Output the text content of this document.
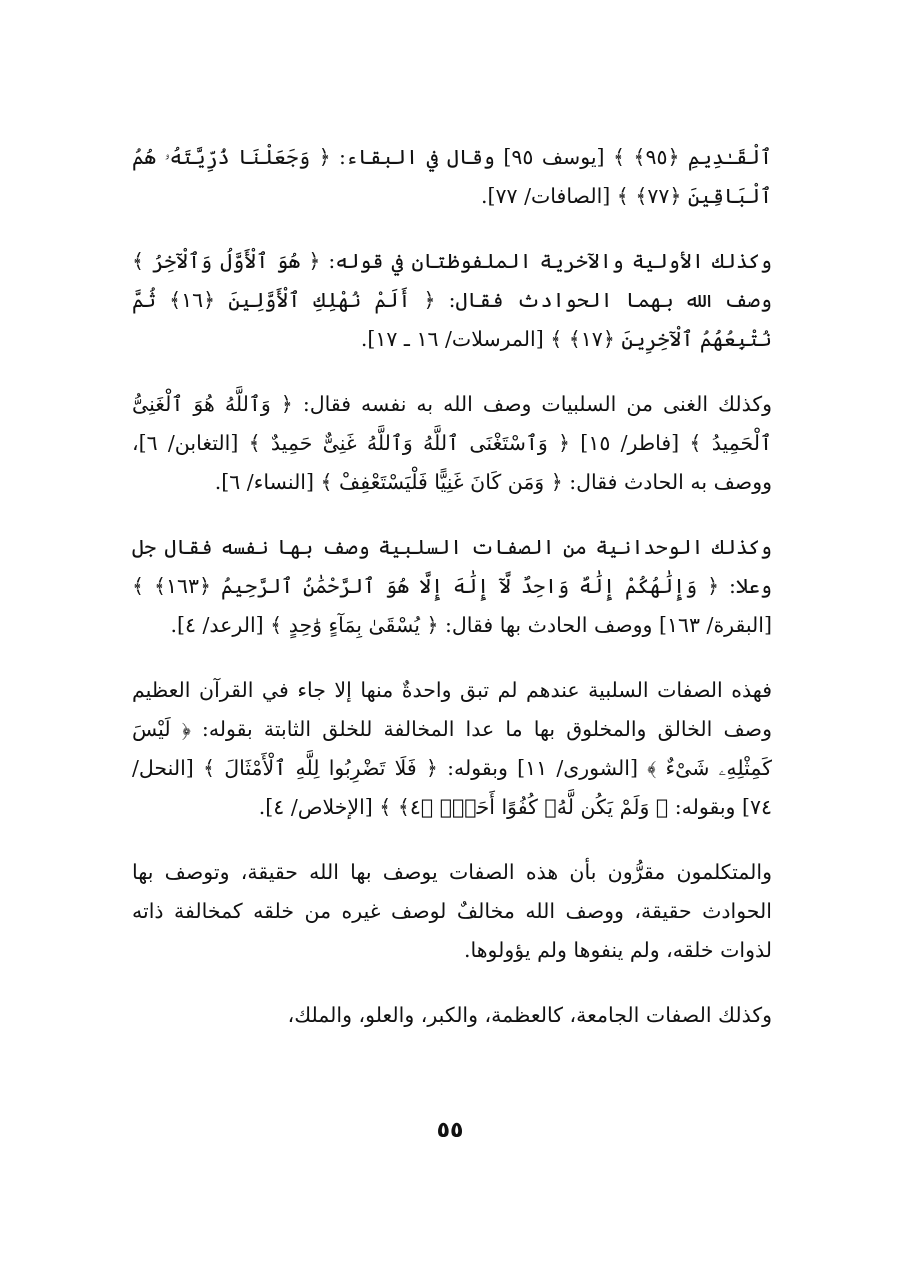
ٱلْقَـٰدِيمِ ﴿٩٥﴾ ﴾ [يوسف ٩٥] وقال في البقاء: ﴿ وَجَعَلْنَا ذُرِّيَّتَهُۥ هُمُ ٱلْبَاقِينَ ﴿٧٧﴾ ﴾ [الصافات/ ٧٧].

وكذلك الأولية والآخرية الملفوظتان في قوله: ﴿ هُوَ ٱلْأَوَّلُ وَٱلْآخِرُ ﴾ وصف الله بهما الحوادث فقال: ﴿ أَلَمْ نُهْلِكِ ٱلْأَوَّلِينَ ﴿١٦﴾ ثُمَّ نُتْبِعُهُمُ ٱلْآخِرِينَ ﴿١٧﴾ ﴾ [المرسلات/ ١٦ ـ ١٧].

وكذلك الغنى من السلبيات وصف الله به نفسه فقال: ﴿ وَٱللَّهُ هُوَ ٱلْغَنِىُّ ٱلْحَمِيدُ ﴾ [فاطر/ ١٥] ﴿ وَٱسْتَغْنَى ٱللَّهُ وَٱللَّهُ غَنِىٌّ حَمِيدٌ ﴾ [التغابن/ ٦]، ووصف به الحادث فقال: ﴿ وَمَن كَانَ غَنِيًّا فَلْيَسْتَعْفِفْ ﴾ [النساء/ ٦].

وكذلك الوحدانية من الصفات السلبية وصف بها نفسه فقال جل وعلا: ﴿ وَإِلَٰهُكُمْ إِلَٰهٌ وَاحِدٌ لَّآ إِلَٰهَ إِلَّا هُوَ ٱلرَّحْمَٰنُ ٱلرَّحِيمُ ﴿١٦٣﴾ ﴾ [البقرة/ ١٦٣] ووصف الحادث بها فقال: ﴿ يُسْقَىٰ بِمَآءٍ وَٰحِدٍ ﴾ [الرعد/ ٤].

فهذه الصفات السلبية عندهم لم تبق واحدةٌ منها إلا جاء في القرآن العظيم وصف الخالق والمخلوق بها ما عدا المخالفة للخلق الثابتة بقوله: ﴿ لَيْسَ كَمِثْلِهِۦ شَىْءٌ ﴾ [الشورى/ ١١] وبقوله: ﴿ فَلَا تَضْرِبُوا لِلَّهِ ٱلْأَمْثَالَ ﴾ [النحل/ ٧٤] وبقوله: ﴿ وَلَمْ يَكُن لَّهُۥ كُفُوًا أَحَدٌۢ ﴿٤﴾ ﴾ [الإخلاص/ ٤].

والمتكلمون مقرُّون بأن هذه الصفات يوصف بها الله حقيقة، وتوصف بها الحوادث حقيقة، ووصف الله مخالفٌ لوصف غيره من خلقه كمخالفة ذاته لذوات خلقه، ولم ينفوها ولم يؤولوها.

وكذلك الصفات الجامعة، كالعظمة، والكبر، والعلو، والملك،

٥٥
